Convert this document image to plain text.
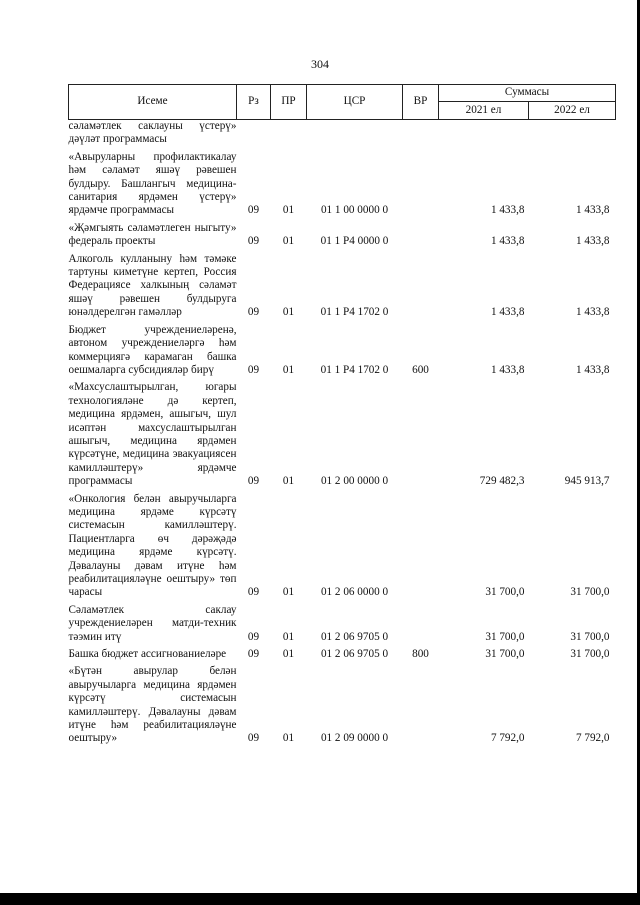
304
Исеме	Рз	ПР	ЦСР	ВР	Суммасы	
					2021 ел	2022 ел
сәламәтлек саклауны үстерү» дәүләт программасы						
«Авыруларны профилактикалау һәм сәламәт яшәү рәвешен булдыру. Башлангыч медицина-санитария ярдәмен үстерү» ярдәмче программасы	09	01	01 1 00 0000 0		1 433,8	1 433,8
«Җәмгыять сәламәтлеген ныгыту» федераль проекты	09	01	01 1 P4 0000 0		1 433,8	1 433,8
Алкоголь кулланыну һәм тәмәке тартуны киметүне кертеп, Россия Федерациясе халкының сәламәт яшәү рәвешен булдыруга юнәлдерелгән гамәлләр	09	01	01 1 P4 1702 0		1 433,8	1 433,8
Бюджет учреждениеләренә, автоном учреждениеләргә һәм коммерциягә карамаган башка оешмаларга субсидияләр бирү	09	01	01 1 P4 1702 0	600	1 433,8	1 433,8
«Махсуслаштырылган, югары технологияләне дә кертеп, медицина ярдәмен, ашыгыч, шул исәптән махсуслаштырылган ашыгыч, медицина ярдәмен күрсәтүне, медицина эвакуациясен камилләштерү» ярдәмче программасы	09	01	01 2 00 0000 0		729 482,3	945 913,7
«Онкология белән авыручыларга медицина ярдәме күрсәтү системасын камилләштерү. Пациентларга өч дәрәҗәдә медицина ярдәме күрсәтү. Дәвалауны дәвам итүне һәм реабилитацияләүне оештыру» төп чарасы	09	01	01 2 06 0000 0		31 700,0	31 700,0
Сәламәтлек саклау учреждениеләрен матди-техник тәэмин итү	09	01	01 2 06 9705 0		31 700,0	31 700,0
Башка бюджет ассигнованиеләре	09	01	01 2 06 9705 0	800	31 700,0	31 700,0
«Бүтән авырулар белән авыручыларга медицина ярдәмен күрсәтү системасын камилләштерү. Дәвалауны дәвам итүне һәм реабилитацияләүне оештыру»	09	01	01 2 09 0000 0		7 792,0	7 792,0
